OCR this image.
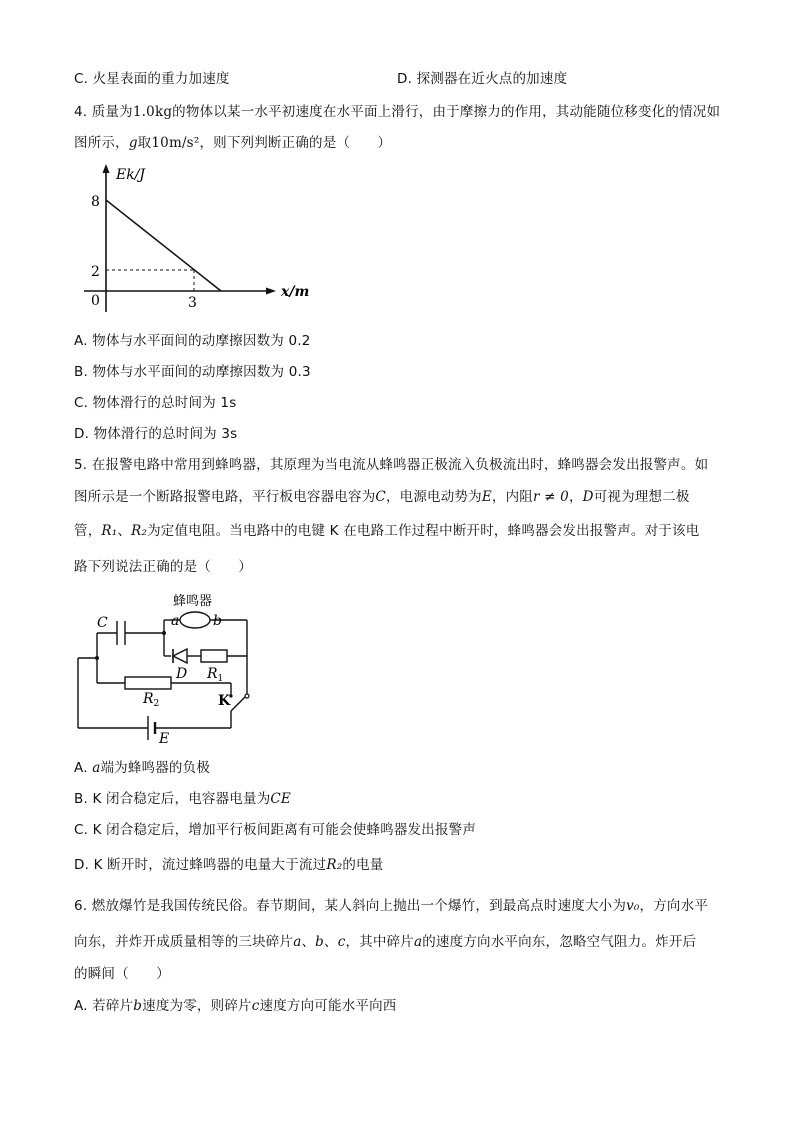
C. 火星表面的重力加速度	D. 探测器在近火点的加速度
4. 质量为1.0kg的物体以某一水平初速度在水平面上滑行，由于摩擦力的作用，其动能随位移变化的情况如
图所示，g取10m/s²，则下列判断正确的是（　　）
Ek/J
x/m
0
8
2
3
A. 物体与水平面间的动摩擦因数为 0.2
B. 物体与水平面间的动摩擦因数为 0.3
C. 物体滑行的总时间为 1s
D. 物体滑行的总时间为 3s
5. 在报警电路中常用到蜂鸣器，其原理为当电流从蜂鸣器正极流入负极流出时，蜂鸣器会发出报警声。如
图所示是一个断路报警电路，平行板电容器电容为C，电源电动势为E，内阻r ≠ 0，D可视为理想二极
管，R₁、R₂为定值电阻。当电路中的电键 K 在电路工作过程中断开时，蜂鸣器会发出报警声。对于该电
路下列说法正确的是（　　）
蜂鸣器
a b
C
D $R_1$
$R_2$	K
E
A. a端为蜂鸣器的负极
B. K 闭合稳定后，电容器电量为CE
C. K 闭合稳定后，增加平行板间距离有可能会使蜂鸣器发出报警声
D. K 断开时，流过蜂鸣器的电量大于流过R₂的电量
6. 燃放爆竹是我国传统民俗。春节期间，某人斜向上抛出一个爆竹，到最高点时速度大小为v₀，方向水平
向东，并炸开成质量相等的三块碎片a、b、c，其中碎片a的速度方向水平向东，忽略空气阻力。炸开后
的瞬间（　　）
A. 若碎片b速度为零，则碎片c速度方向可能水平向西
